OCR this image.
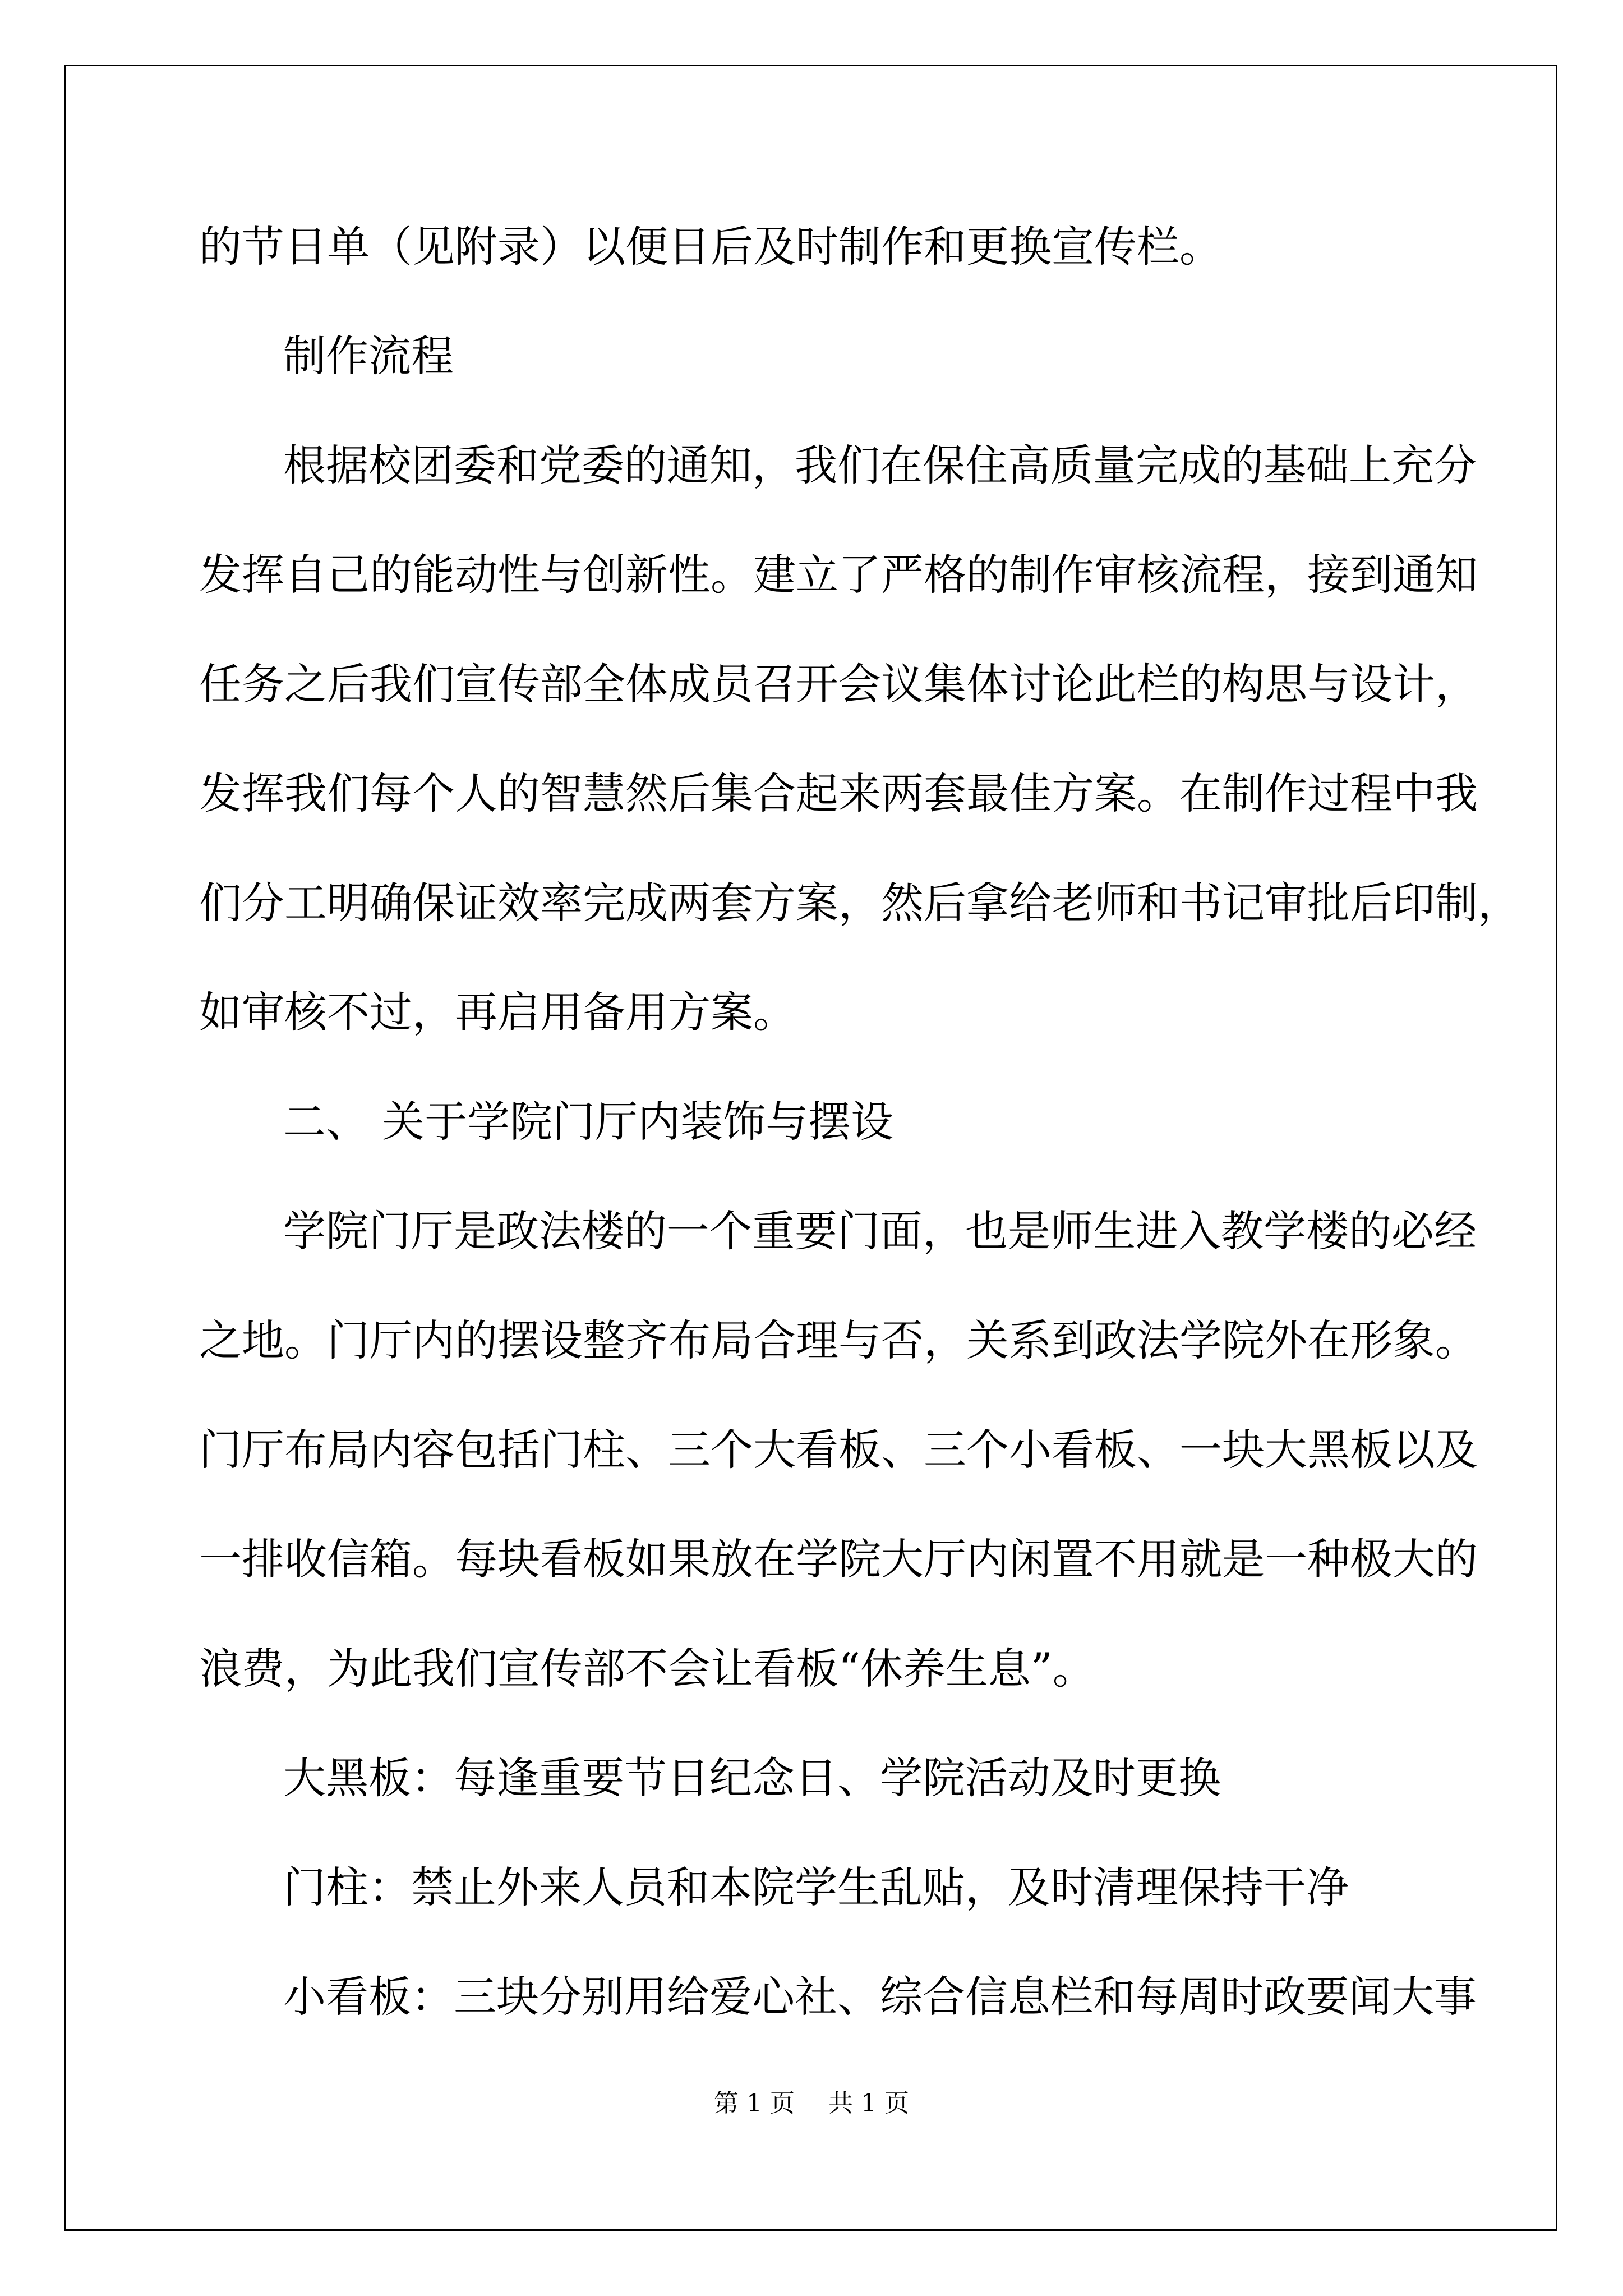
的节日单（见附录）以便日后及时制作和更换宣传栏。
制作流程
根据校团委和党委的通知，我们在保住高质量完成的基础上充分
发挥自己的能动性与创新性。建立了严格的制作审核流程，接到通知
任务之后我们宣传部全体成员召开会议集体讨论此栏的构思与设计，
发挥我们每个人的智慧然后集合起来两套最佳方案。在制作过程中我
们分工明确保证效率完成两套方案，然后拿给老师和书记审批后印制，
如审核不过，再启用备用方案。
二、 关于学院门厅内装饰与摆设
学院门厅是政法楼的一个重要门面，也是师生进入教学楼的必经
之地。门厅内的摆设整齐布局合理与否，关系到政法学院外在形象。
门厅布局内容包括门柱、三个大看板、三个小看板、一块大黑板以及
一排收信箱。每块看板如果放在学院大厅内闲置不用就是一种极大的
浪费，为此我们宣传部不会让看板“休养生息”。
大黑板：每逢重要节日纪念日、学院活动及时更换
门柱：禁止外来人员和本院学生乱贴，及时清理保持干净
小看板：三块分别用给爱心社、综合信息栏和每周时政要闻大事
第 1 页 共 1 页
